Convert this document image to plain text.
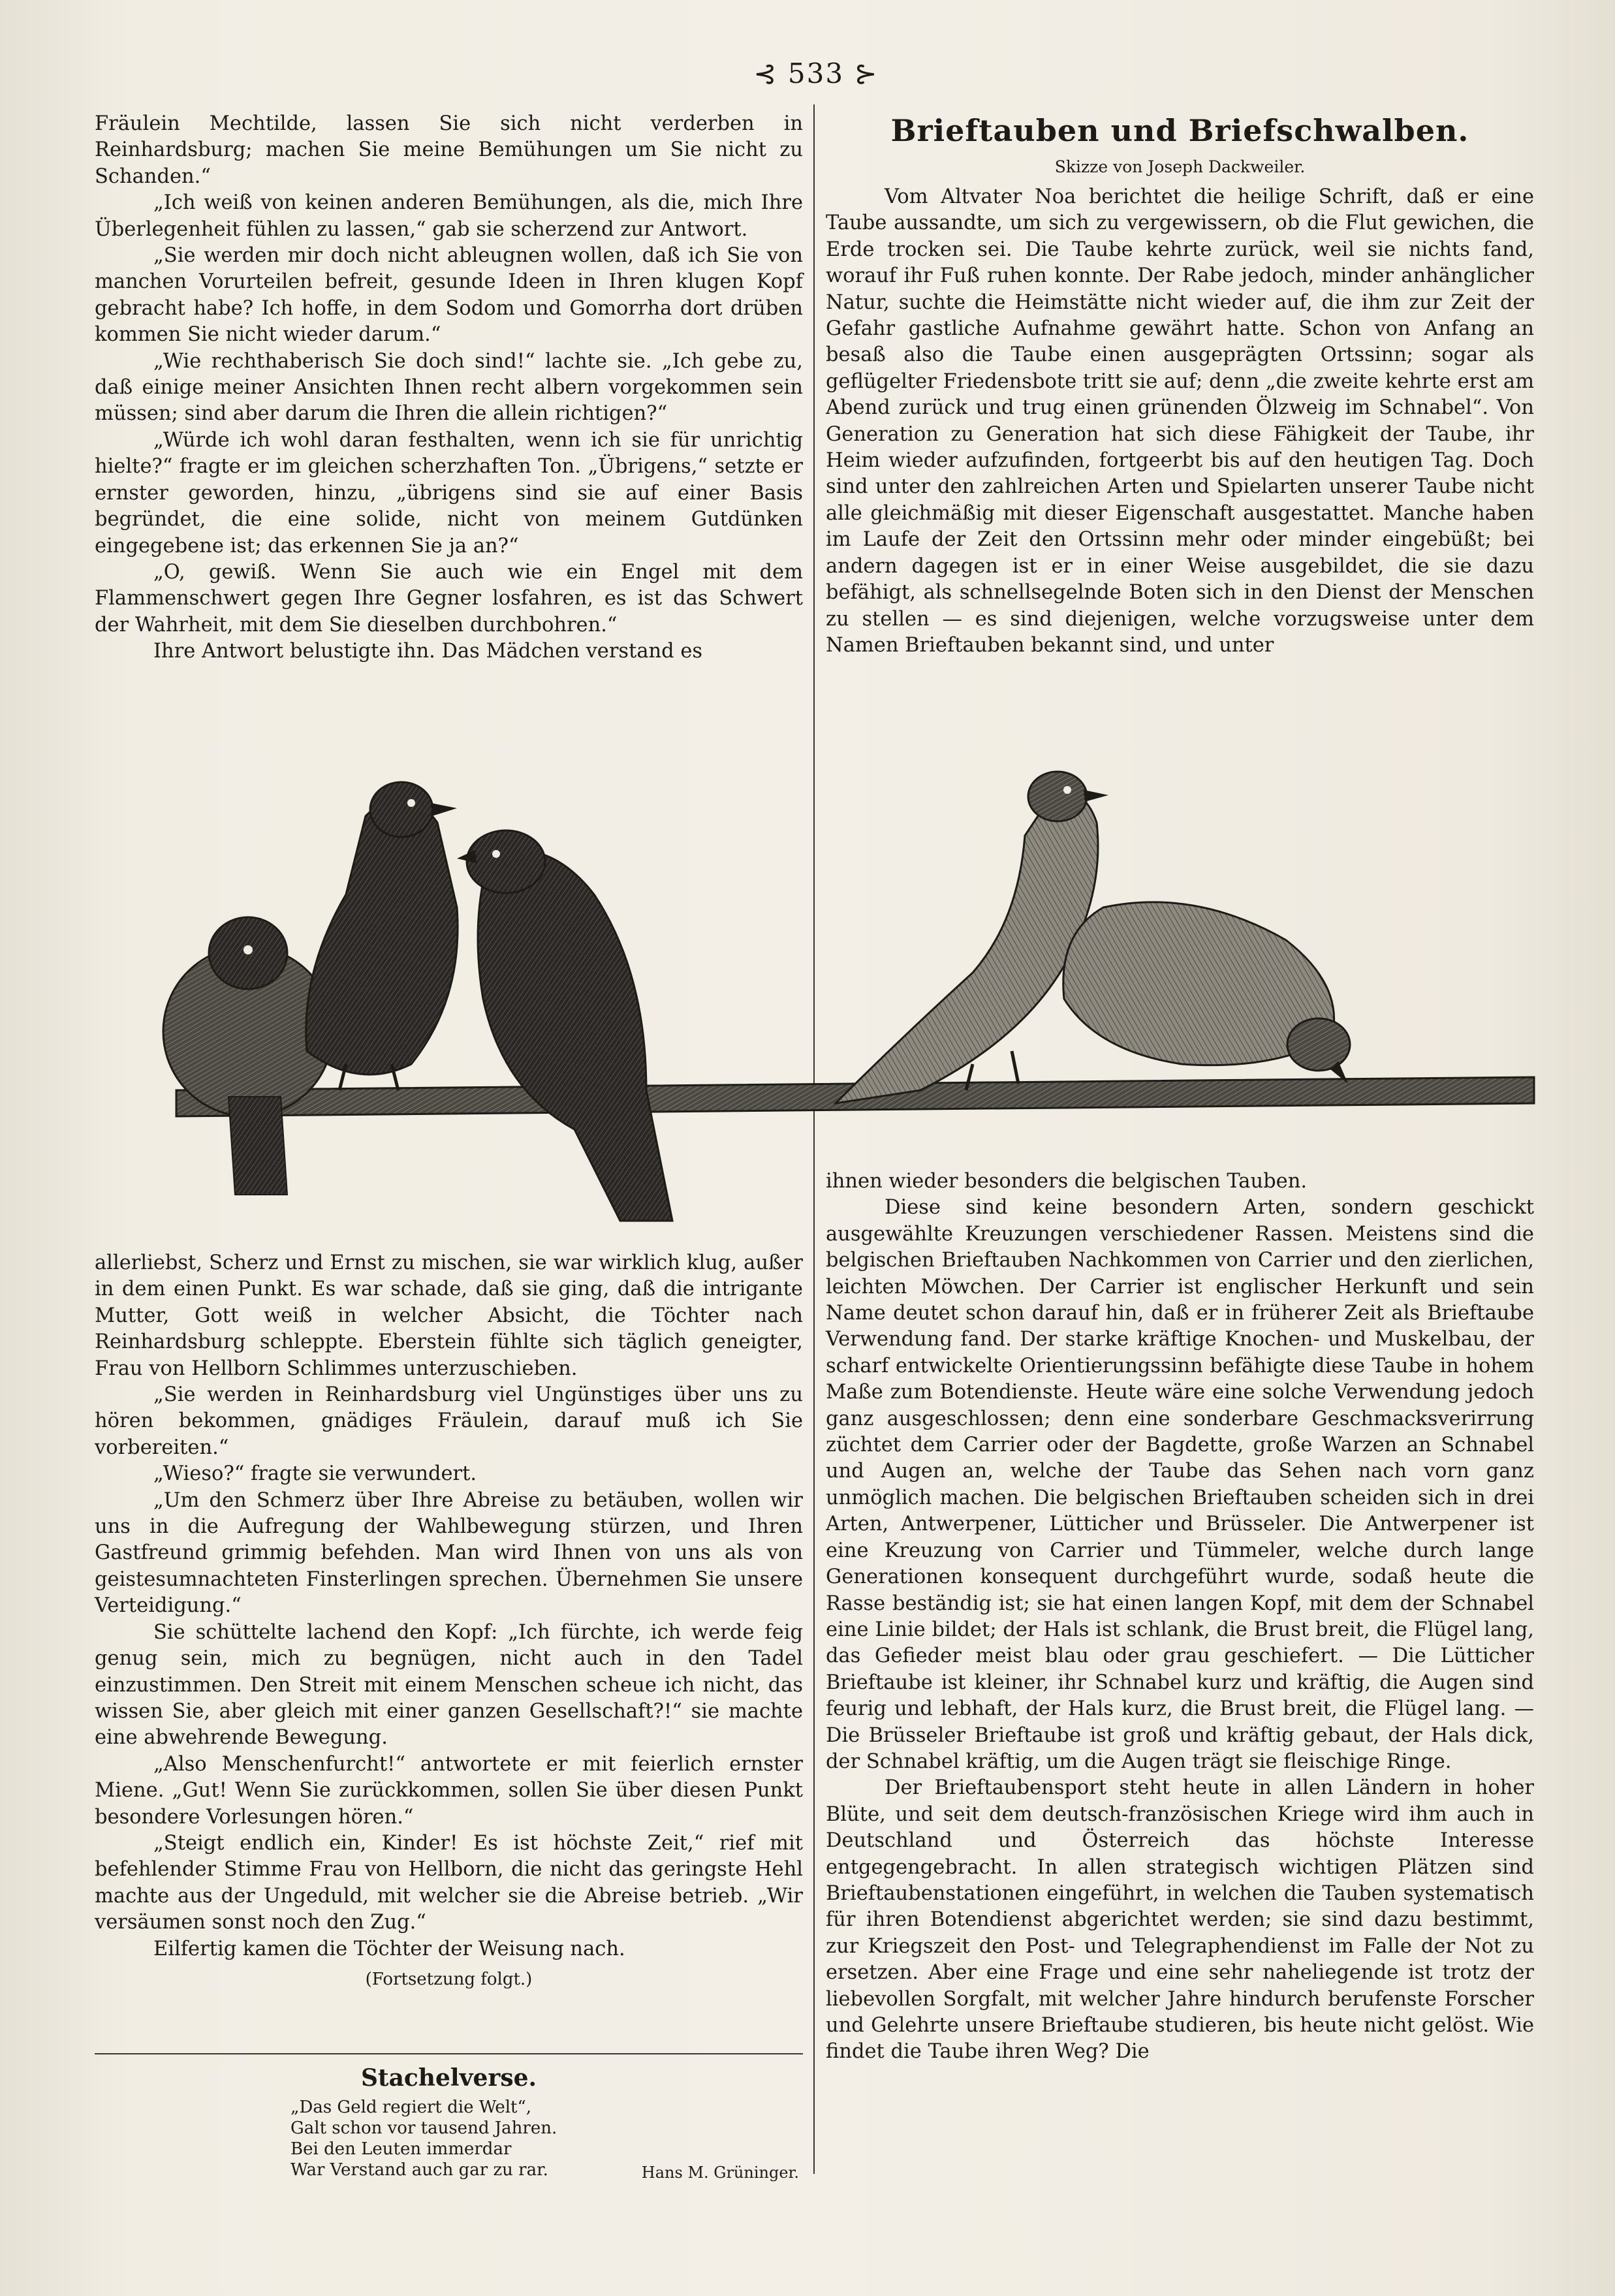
⊰ 533 ⊱

Fräulein Mechtilde, lassen Sie sich nicht verderben in Reinhardsburg; machen Sie meine Bemühungen um Sie nicht zu Schanden.“

„Ich weiß von keinen anderen Bemühungen, als die, mich Ihre Überlegenheit fühlen zu lassen,“ gab sie scherzend zur Antwort.

„Sie werden mir doch nicht ableugnen wollen, daß ich Sie von manchen Vorurteilen befreit, gesunde Ideen in Ihren klugen Kopf gebracht habe? Ich hoffe, in dem Sodom und Gomorrha dort drüben kommen Sie nicht wieder darum.“

„Wie rechthaberisch Sie doch sind!“ lachte sie. „Ich gebe zu, daß einige meiner Ansichten Ihnen recht albern vorgekommen sein müssen; sind aber darum die Ihren die allein richtigen?“

„Würde ich wohl daran festhalten, wenn ich sie für unrichtig hielte?“ fragte er im gleichen scherzhaften Ton. „Übrigens,“ setzte er ernster geworden, hinzu, „übrigens sind sie auf einer Basis begründet, die eine solide, nicht von meinem Gutdünken eingegebene ist; das erkennen Sie ja an?“

„O, gewiß. Wenn Sie auch wie ein Engel mit dem Flammenschwert gegen Ihre Gegner losfahren, es ist das Schwert der Wahrheit, mit dem Sie dieselben durchbohren.“

Ihre Antwort belustigte ihn. Das Mädchen verstand es

Brieftauben und Briefschwalben.

Skizze von Joseph Dackweiler.

Vom Altvater Noa berichtet die heilige Schrift, daß er eine Taube aussandte, um sich zu vergewissern, ob die Flut gewichen, die Erde trocken sei. Die Taube kehrte zurück, weil sie nichts fand, worauf ihr Fuß ruhen konnte. Der Rabe jedoch, minder anhänglicher Natur, suchte die Heimstätte nicht wieder auf, die ihm zur Zeit der Gefahr gastliche Aufnahme gewährt hatte. Schon von Anfang an besaß also die Taube einen ausgeprägten Ortssinn; sogar als geflügelter Friedensbote tritt sie auf; denn „die zweite kehrte erst am Abend zurück und trug einen grünenden Ölzweig im Schnabel“. Von Generation zu Generation hat sich diese Fähigkeit der Taube, ihr Heim wieder aufzufinden, fortgeerbt bis auf den heutigen Tag. Doch sind unter den zahlreichen Arten und Spielarten unserer Taube nicht alle gleichmäßig mit dieser Eigenschaft ausgestattet. Manche haben im Laufe der Zeit den Ortssinn mehr oder minder eingebüßt; bei andern dagegen ist er in einer Weise ausgebildet, die sie dazu befähigt, als schnellsegelnde Boten sich in den Dienst der Menschen zu stellen — es sind diejenigen, welche vorzugsweise unter dem Namen Brieftauben bekannt sind, und unter

allerliebst, Scherz und Ernst zu mischen, sie war wirklich klug, außer in dem einen Punkt. Es war schade, daß sie ging, daß die intrigante Mutter, Gott weiß in welcher Absicht, die Töchter nach Reinhardsburg schleppte. Eberstein fühlte sich täglich geneigter, Frau von Hellborn Schlimmes unterzuschieben.

„Sie werden in Reinhardsburg viel Ungünstiges über uns zu hören bekommen, gnädiges Fräulein, darauf muß ich Sie vorbereiten.“

„Wieso?“ fragte sie verwundert.

„Um den Schmerz über Ihre Abreise zu betäuben, wollen wir uns in die Aufregung der Wahlbewegung stürzen, und Ihren Gastfreund grimmig befehden. Man wird Ihnen von uns als von geistesumnachteten Finsterlingen sprechen. Übernehmen Sie unsere Verteidigung.“

Sie schüttelte lachend den Kopf: „Ich fürchte, ich werde feig genug sein, mich zu begnügen, nicht auch in den Tadel einzustimmen. Den Streit mit einem Menschen scheue ich nicht, das wissen Sie, aber gleich mit einer ganzen Gesellschaft?!“ sie machte eine abwehrende Bewegung.

„Also Menschenfurcht!“ antwortete er mit feierlich ernster Miene. „Gut! Wenn Sie zurückkommen, sollen Sie über diesen Punkt besondere Vorlesungen hören.“

„Steigt endlich ein, Kinder! Es ist höchste Zeit,“ rief mit befehlender Stimme Frau von Hellborn, die nicht das geringste Hehl machte aus der Ungeduld, mit welcher sie die Abreise betrieb. „Wir versäumen sonst noch den Zug.“

Eilfertig kamen die Töchter der Weisung nach.

(Fortsetzung folgt.)

Stachelverse.
„Das Geld regiert die Welt“,
Galt schon vor tausend Jahren.
Bei den Leuten immerdar
War Verstand auch gar zu rar.	Hans M. Grüninger.

ihnen wieder besonders die belgischen Tauben.

Diese sind keine besondern Arten, sondern geschickt ausgewählte Kreuzungen verschiedener Rassen. Meistens sind die belgischen Brieftauben Nachkommen von Carrier und den zierlichen, leichten Möwchen. Der Carrier ist englischer Herkunft und sein Name deutet schon darauf hin, daß er in früherer Zeit als Brieftaube Verwendung fand. Der starke kräftige Knochen- und Muskelbau, der scharf entwickelte Orientierungssinn befähigte diese Taube in hohem Maße zum Botendienste. Heute wäre eine solche Verwendung jedoch ganz ausgeschlossen; denn eine sonderbare Geschmacksverirrung züchtet dem Carrier oder der Bagdette, große Warzen an Schnabel und Augen an, welche der Taube das Sehen nach vorn ganz unmöglich machen. Die belgischen Brieftauben scheiden sich in drei Arten, Antwerpener, Lütticher und Brüsseler. Die Antwerpener ist eine Kreuzung von Carrier und Tümmeler, welche durch lange Generationen konsequent durchgeführt wurde, sodaß heute die Rasse beständig ist; sie hat einen langen Kopf, mit dem der Schnabel eine Linie bildet; der Hals ist schlank, die Brust breit, die Flügel lang, das Gefieder meist blau oder grau geschiefert. — Die Lütticher Brieftaube ist kleiner, ihr Schnabel kurz und kräftig, die Augen sind feurig und lebhaft, der Hals kurz, die Brust breit, die Flügel lang. — Die Brüsseler Brieftaube ist groß und kräftig gebaut, der Hals dick, der Schnabel kräftig, um die Augen trägt sie fleischige Ringe.

Der Brieftaubensport steht heute in allen Ländern in hoher Blüte, und seit dem deutsch-französischen Kriege wird ihm auch in Deutschland und Österreich das höchste Interesse entgegengebracht. In allen strategisch wichtigen Plätzen sind Brieftaubenstationen eingeführt, in welchen die Tauben systematisch für ihren Botendienst abgerichtet werden; sie sind dazu bestimmt, zur Kriegszeit den Post- und Telegraphendienst im Falle der Not zu ersetzen. Aber eine Frage und eine sehr naheliegende ist trotz der liebevollen Sorgfalt, mit welcher Jahre hindurch berufenste Forscher und Gelehrte unsere Brieftaube studieren, bis heute nicht gelöst. Wie findet die Taube ihren Weg? Die
